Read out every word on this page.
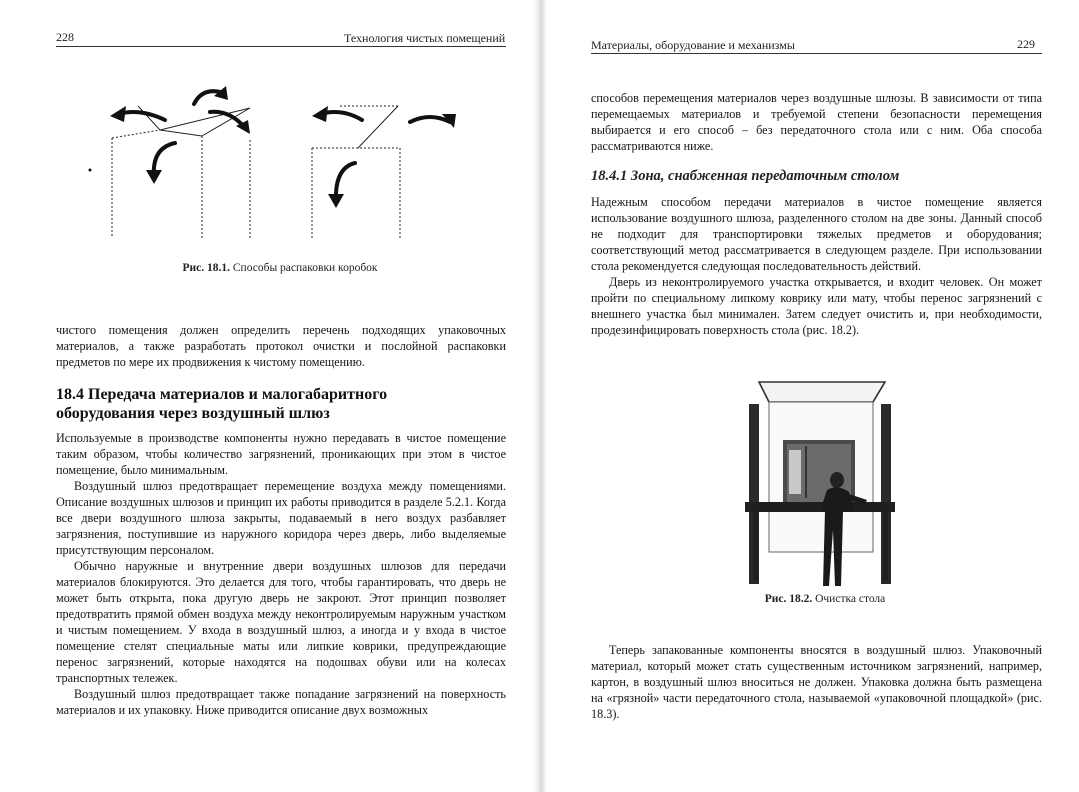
228	Технология чистых помещений
Рис. 18.1. Способы распаковки коробок

чистого помещения должен определить перечень подходящих упаковочных материалов, а также разработать протокол очистки и послойной распаковки предметов по мере их продвижения к чистому помещению.

18.4 Передача материалов и малогабаритного оборудования через воздушный шлюз

Используемые в производстве компоненты нужно передавать в чистое помещение таким образом, чтобы количество загрязнений, проникающих при этом в чистое помещение, было минимальным.

Воздушный шлюз предотвращает перемещение воздуха между помещениями. Описание воздушных шлюзов и принцип их работы приводится в разделе 5.2.1. Когда все двери воздушного шлюза закрыты, подаваемый в него воздух разбавляет загрязнения, поступившие из наружного коридора через дверь, либо выделяемые присутствующим персоналом.

Обычно наружные и внутренние двери воздушных шлюзов для передачи материалов блокируются. Это делается для того, чтобы гарантировать, что дверь не может быть открыта, пока другую дверь не закроют. Этот принцип позволяет предотвратить прямой обмен воздуха между неконтролируемым наружным участком и чистым помещением. У входа в воздушный шлюз, а иногда и у входа в чистое помещение стелят специальные маты или липкие коврики, предупреждающие перенос загрязнений, которые находятся на подошвах обуви или на колесах транспортных тележек.

Воздушный шлюз предотвращает также попадание загрязнений на поверхность материалов и их упаковку. Ниже приводится описание двух возможных

Материалы, оборудование и механизмы	229

способов перемещения материалов через воздушные шлюзы. В зависимости от типа перемещаемых материалов и требуемой степени безопасности перемещения выбирается и его способ – без передаточного стола или с ним. Оба способа рассматриваются ниже.

18.4.1 Зона, снабженная передаточным столом

Надежным способом передачи материалов в чистое помещение является использование воздушного шлюза, разделенного столом на две зоны. Данный способ не подходит для транспортировки тяжелых предметов и оборудования; соответствующий метод рассматривается в следующем разделе. При использовании стола рекомендуется следующая последовательность действий.

Дверь из неконтролируемого участка открывается, и входит человек. Он может пройти по специальному липкому коврику или мату, чтобы перенос загрязнений с внешнего участка был минимален. Затем следует очистить и, при необходимости, продезинфицировать поверхность стола (рис. 18.2).

Рис. 18.2. Очистка стола

Теперь запакованные компоненты вносятся в воздушный шлюз. Упаковочный материал, который может стать существенным источником загрязнений, например, картон, в воздушный шлюз вноситься не должен. Упаковка должна быть размещена на «грязной» части передаточного стола, называемой «упаковочной площадкой» (рис. 18.3).
